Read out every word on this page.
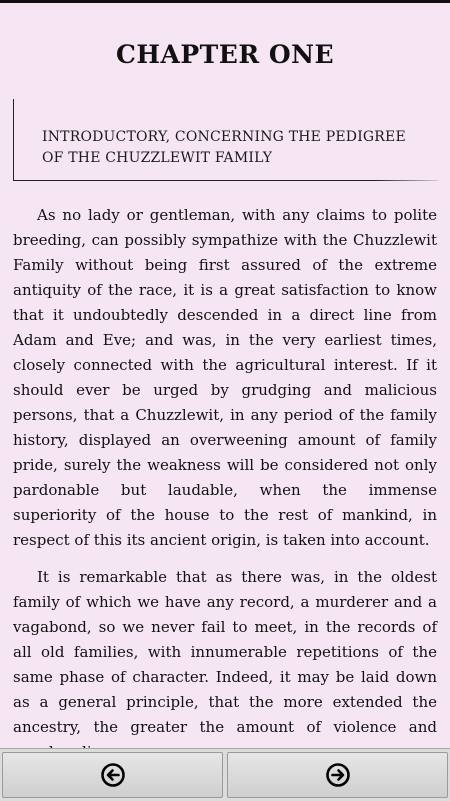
CHAPTER ONE
INTRODUCTORY, CONCERNING THE PEDIGREE
OF THE CHUZZLEWIT FAMILY

As no lady or gentleman, with any claims to polite breeding, can possibly sympathize with the Chuzzlewit Family without being first assured of the extreme antiquity of the race, it is a great satisfaction to know that it undoubtedly descended in a direct line from Adam and Eve; and was, in the very earliest times, closely connected with the agricultural interest. If it should ever be urged by grudging and malicious persons, that a Chuzzlewit, in any period of the family history, displayed an overweening amount of family pride, surely the weakness will be considered not only pardonable but laudable, when the immense superiority of the house to the rest of mankind, in respect of this its ancient origin, is taken into account.

It is remarkable that as there was, in the oldest family of which we have any record, a murderer and a vagabond, so we never fail to meet, in the records of all old families, with innumerable repetitions of the same phase of character. Indeed, it may be laid down as a general principle, that the more extended the ancestry, the greater the amount of violence and
